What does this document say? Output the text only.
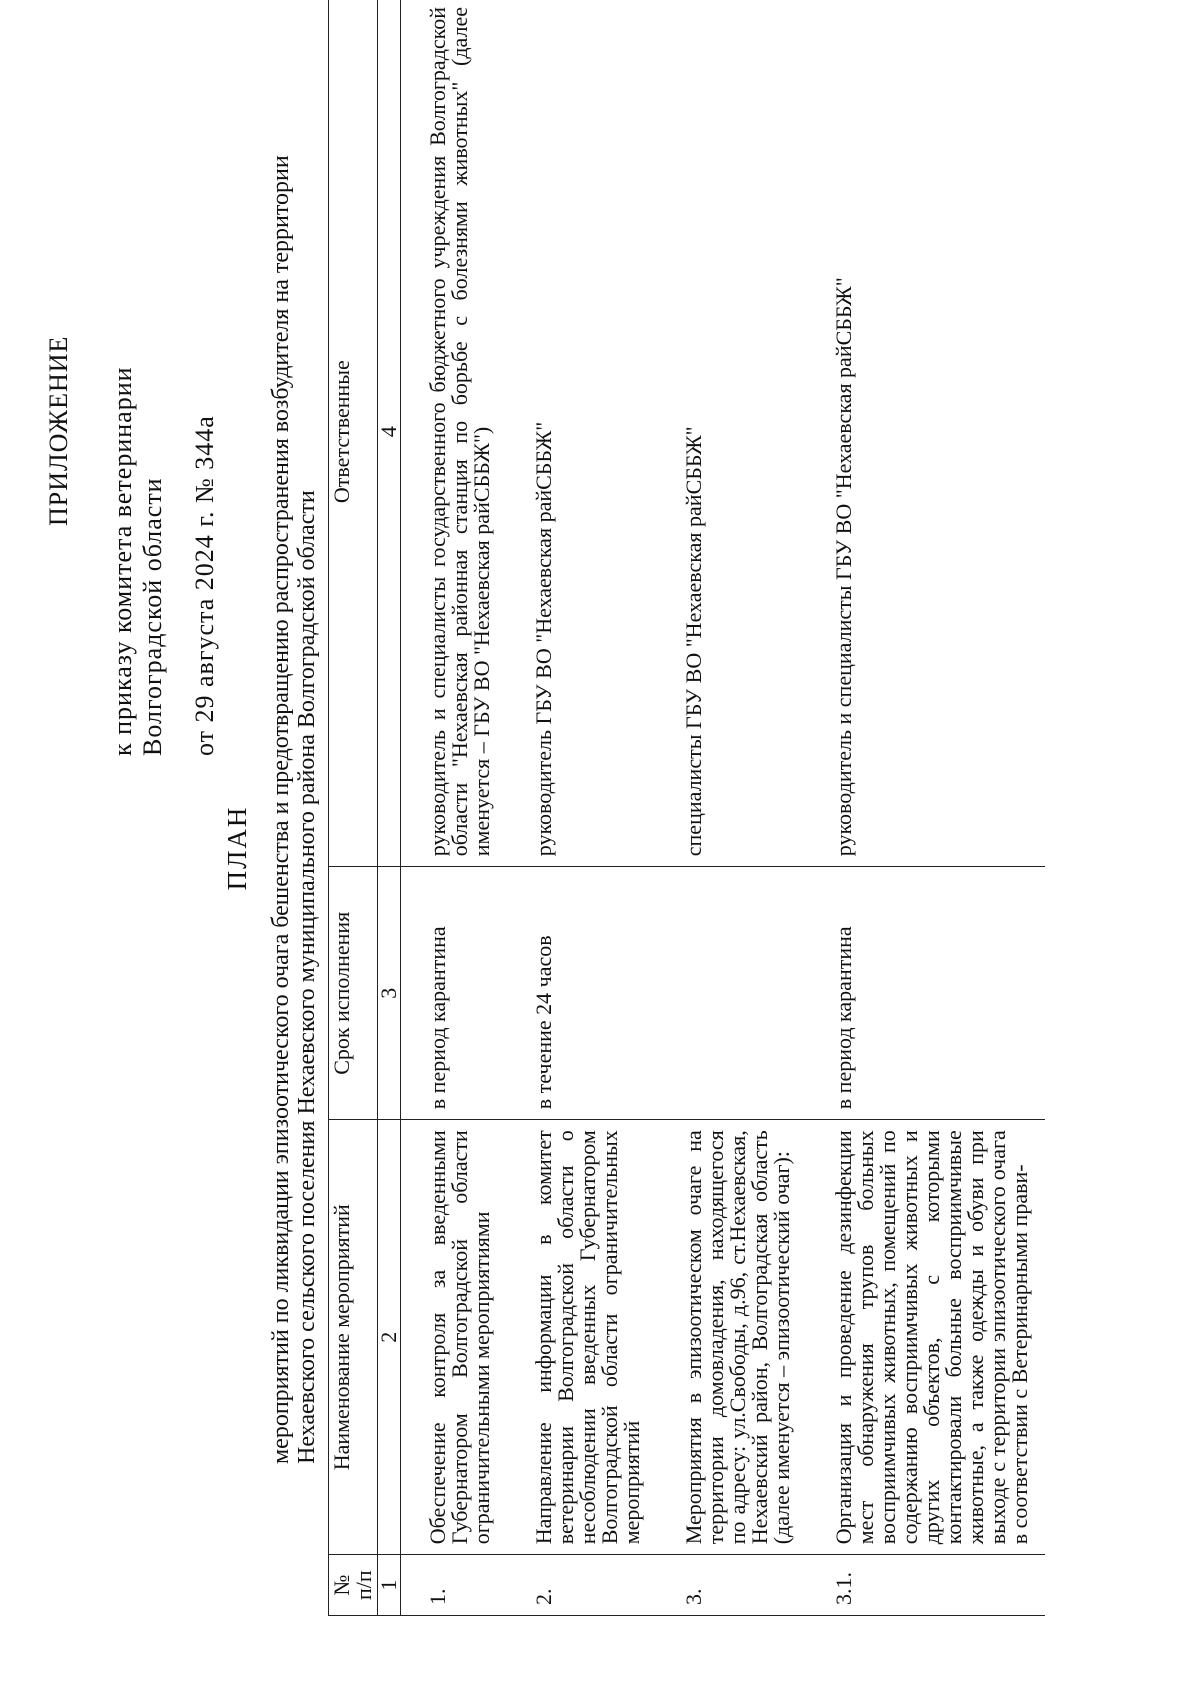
ПРИЛОЖЕНИЕ к приказу комитета ветеринарии Волгоградской области от 29 августа 2024 г. № 344а
ПЛАН мероприятий по ликвидации эпизоотического очага бешенства и предотвращению распространения возбудителя на территории Нехаевского сельского поселения Нехаевского муниципального района Волгоградской области
№ п/п	Наименование мероприятий	Срок исполнения	Ответственные
1	2	3	4
1.	Обеспечение контроля за введенными Губернатором Волгоградской области ограничительными мероприятиями	в период карантина	руководитель и специалисты государственного бюджетного учреждения Волгоградской области "Нехаевская районная станция по борьбе с болезнями животных" (далее именуется – ГБУ ВО "Нехаевская райСББЖ")
2.	Направление информации в комитет ветеринарии Волгоградской области о несоблюдении введенных Губернатором Волгоградской области ограничительных мероприятий	в течение 24 часов	руководитель ГБУ ВО "Нехаевская райСББЖ"
3.	Мероприятия в эпизоотическом очаге на территории домовладения, находящегося по адресу: ул.Свободы, д.96, ст.Нехаевская, Нехаевский район, Волгоградская область (далее именуется – эпизоотический очаг):		специалисты ГБУ ВО "Нехаевская райСББЖ"
3.1.	Организация и проведение дезинфекции мест обнаружения трупов больных восприимчивых животных, помещений по содержанию восприимчивых животных и других объектов, с которыми контактировали больные восприимчивые животные, а также одежды и обуви при выходе с территории эпизоотического очага в соответствии с Ветеринарными прави-	в период карантина	руководитель и специалисты ГБУ ВО "Нехаевская райСББЖ"
